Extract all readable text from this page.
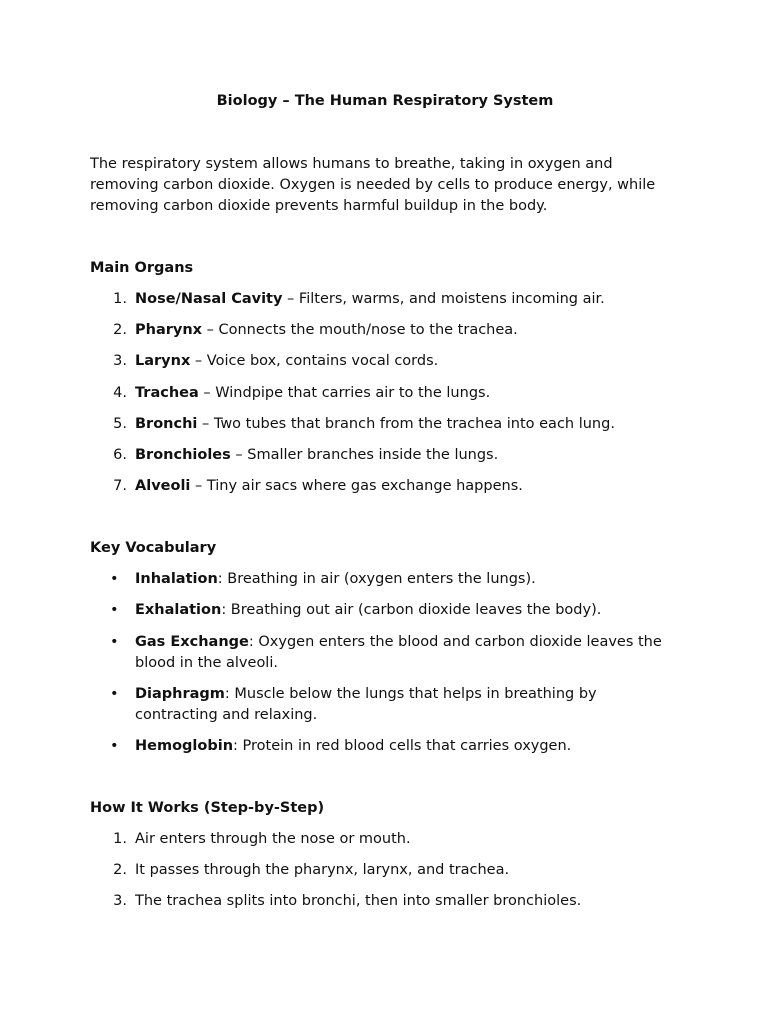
Biology – The Human Respiratory System

The respiratory system allows humans to breathe, taking in oxygen and removing carbon dioxide. Oxygen is needed by cells to produce energy, while removing carbon dioxide prevents harmful buildup in the body.

Main Organs
1. Nose/Nasal Cavity – Filters, warms, and moistens incoming air.
2. Pharynx – Connects the mouth/nose to the trachea.
3. Larynx – Voice box, contains vocal cords.
4. Trachea – Windpipe that carries air to the lungs.
5. Bronchi – Two tubes that branch from the trachea into each lung.
6. Bronchioles – Smaller branches inside the lungs.
7. Alveoli – Tiny air sacs where gas exchange happens.
Key Vocabulary
• Inhalation: Breathing in air (oxygen enters the lungs).
• Exhalation: Breathing out air (carbon dioxide leaves the body).
• Gas Exchange: Oxygen enters the blood and carbon dioxide leaves the blood in the alveoli.
• Diaphragm: Muscle below the lungs that helps in breathing by contracting and relaxing.
• Hemoglobin: Protein in red blood cells that carries oxygen.
How It Works (Step-by-Step)
1. Air enters through the nose or mouth.
2. It passes through the pharynx, larynx, and trachea.
3. The trachea splits into bronchi, then into smaller bronchioles.
